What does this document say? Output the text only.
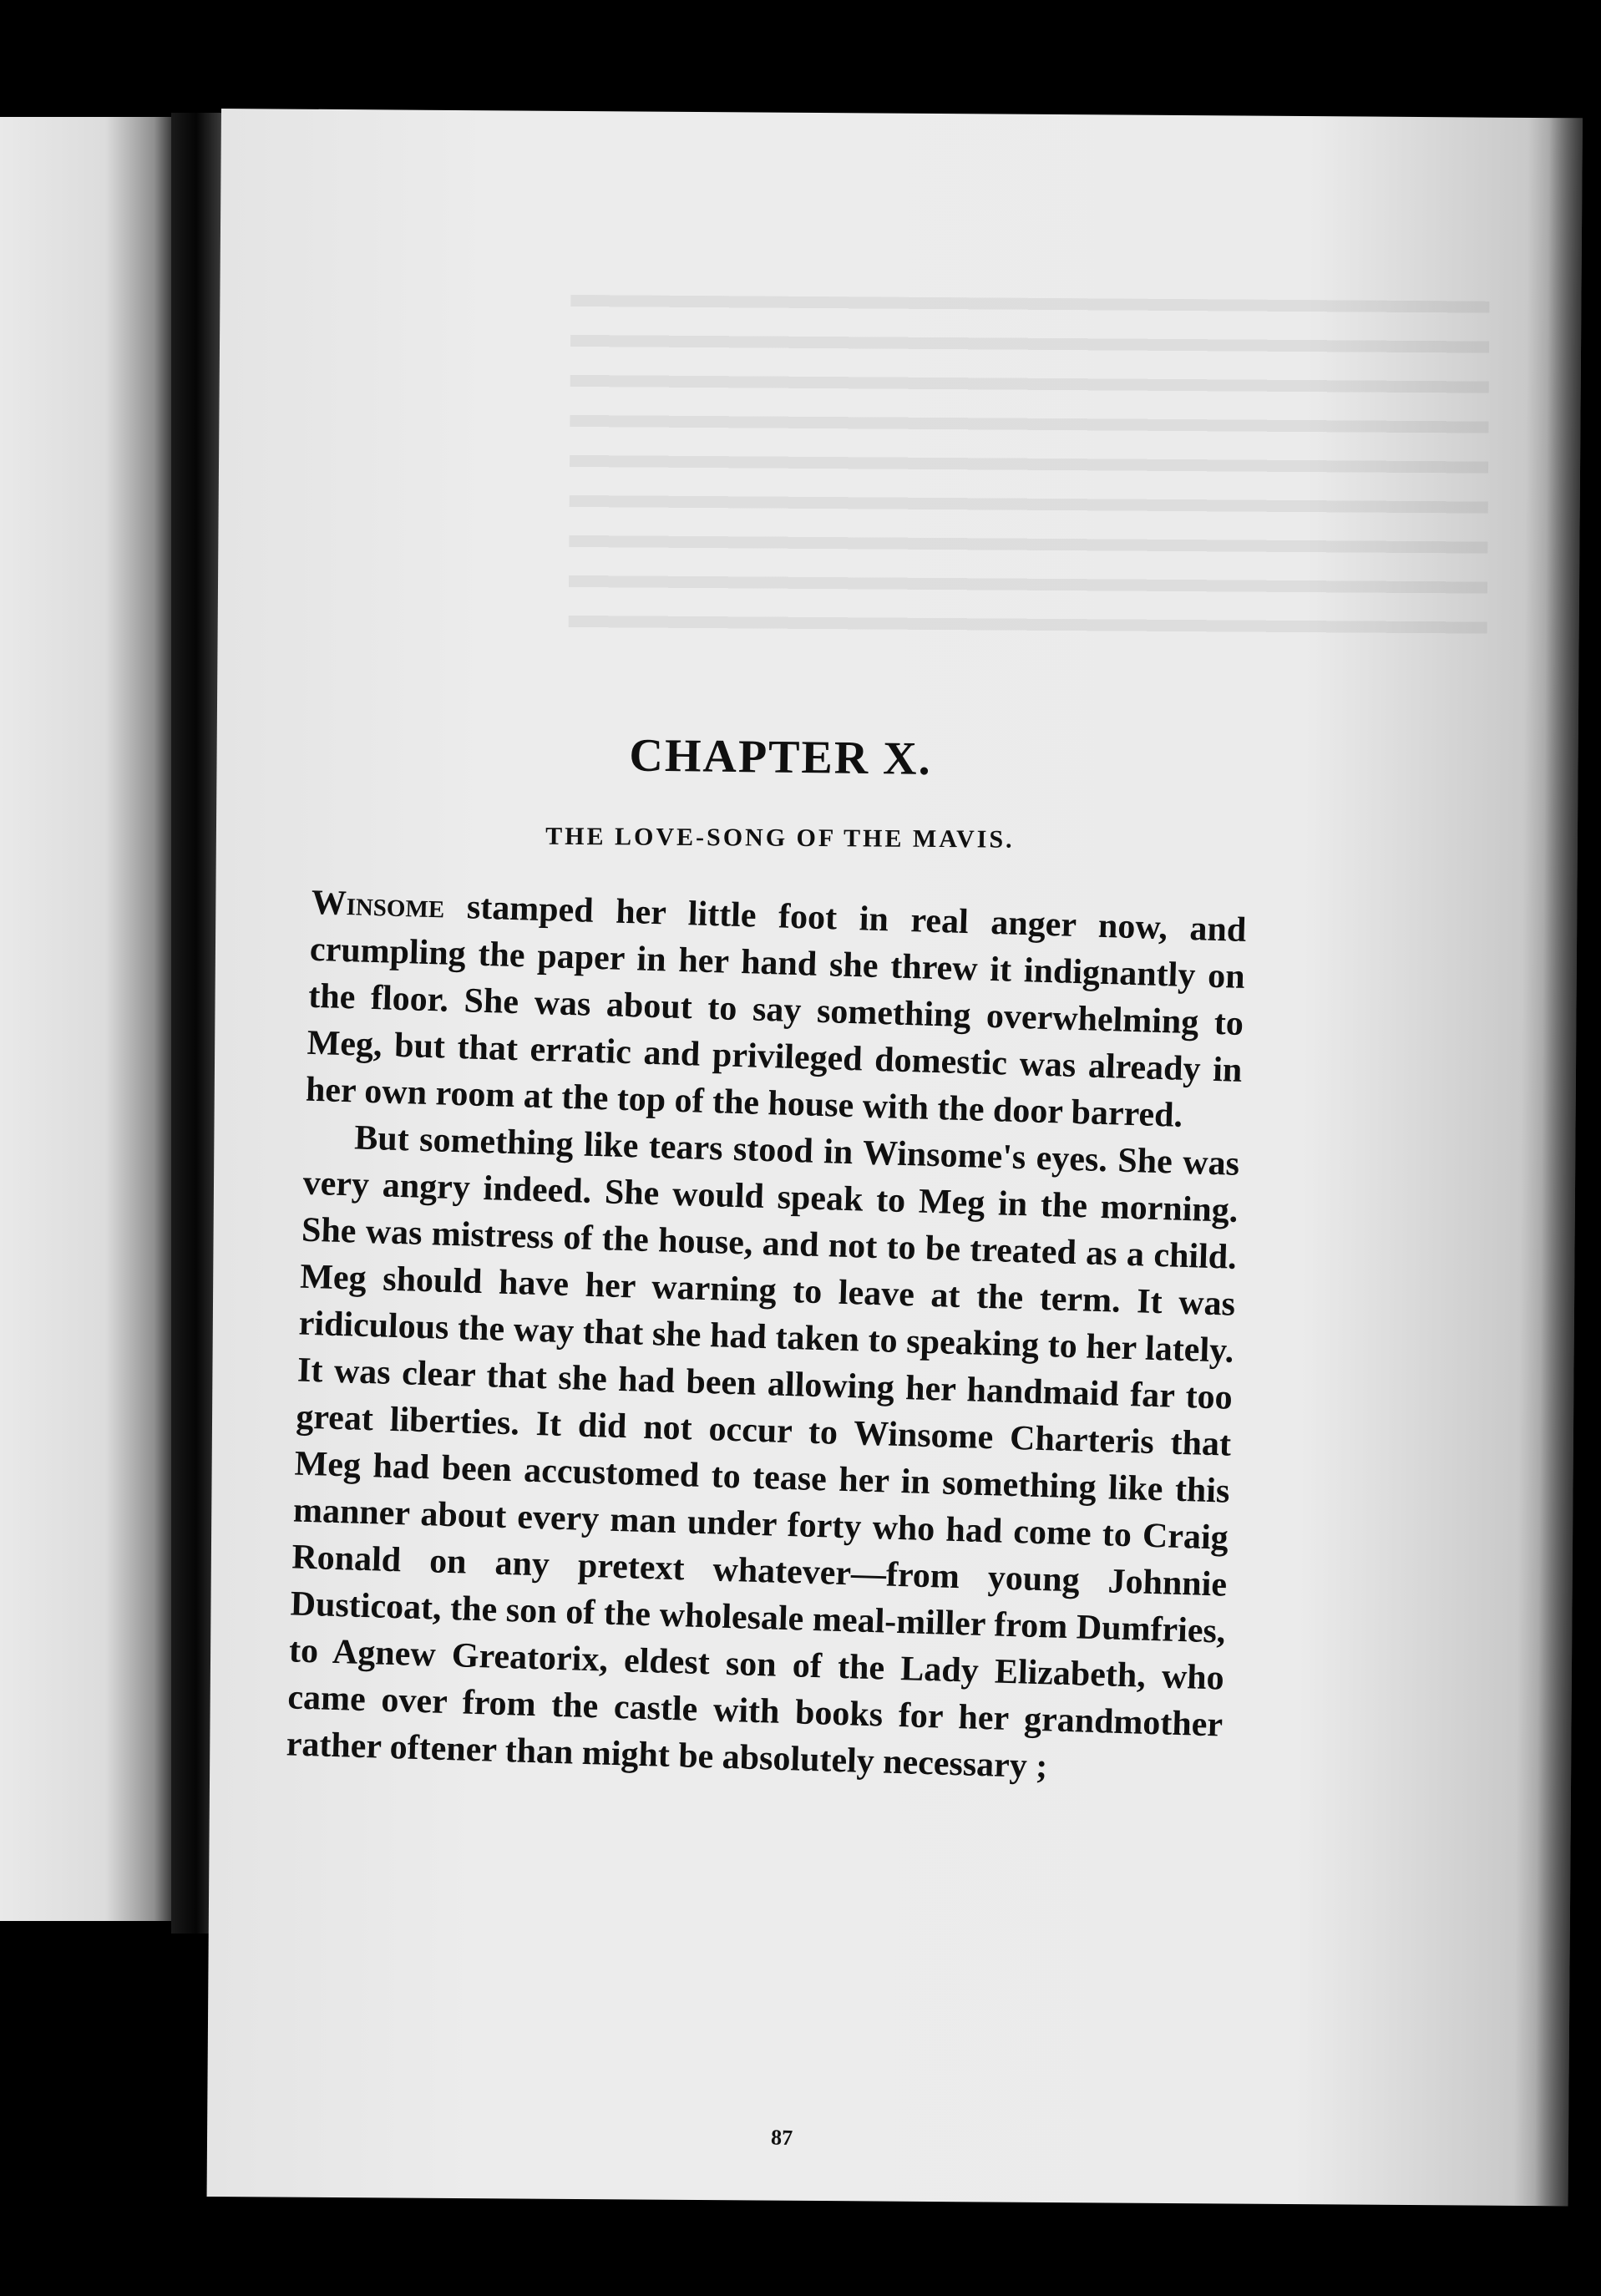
CHAPTER X.
THE LOVE-SONG OF THE MAVIS.

Winsome stamped her little foot in real anger now, and crumpling the paper in her hand she threw it indignantly on the floor. She was about to say something overwhelming to Meg, but that erratic and privileged domestic was already in her own room at the top of the house with the door barred.

But something like tears stood in Winsome's eyes. She was very angry indeed. She would speak to Meg in the morning. She was mistress of the house, and not to be treated as a child. Meg should have her warning to leave at the term. It was ridiculous the way that she had taken to speaking to her lately. It was clear that she had been allowing her handmaid far too great liberties. It did not occur to Winsome Charteris that Meg had been accustomed to tease her in something like this manner about every man under forty who had come to Craig Ronald on any pretext whatever—from young Johnnie Dusticoat, the son of the wholesale meal-miller from Dumfries, to Agnew Greatorix, eldest son of the Lady Elizabeth, who came over from the castle with books for her grandmother rather oftener than might be absolutely necessary ;

87
